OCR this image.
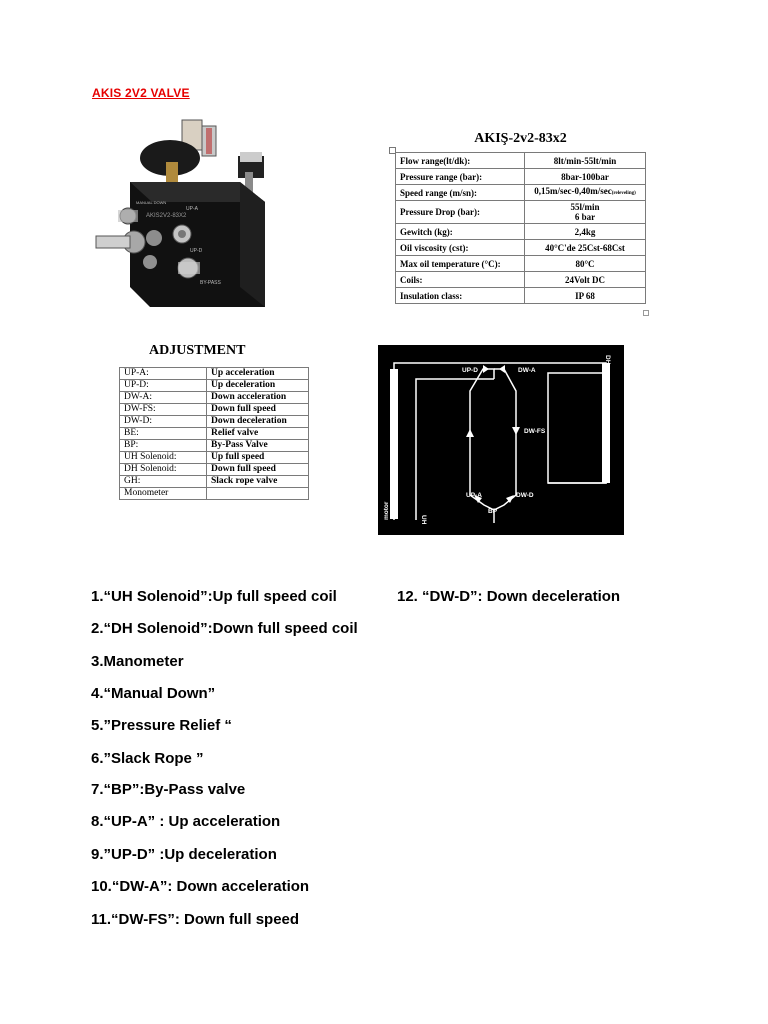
AKIS 2V2 VALVE
AKIS2V2-83X2
UP-A
UP-D
BY-PASS
MANUAL DOWN
AKIŞ-2v2-83x2
Flow range(lt/dk):	8lt/min-55lt/min
Pressure range (bar):	8bar-100bar
Speed range (m/sn):	0,15m/sec-0,40m/sec(releveling)
Pressure Drop (bar):	55l/min
6 bar

Gewitch (kg):	2,4kg
Oil viscosity (cst):	40°C'de 25Cst-68Cst
Max oil temperature (°C):	80°C
Coils:	24Volt DC
Insulation class:	IP 68
ADJUSTMENT
UP-A:	Up acceleration
UP-D:	Up deceleration
DW-A:	Down acceleration
DW-FS:	Down full speed
DW-D:	Down deceleration
BE:	Relief valve
BP:	By-Pass Valve
UH Solenoid:	Up full speed
DH Solenoid:	Down full speed
GH:	Slack rope valve
Monometer	
UP-D	DW-A
DW-FS
UP-A	DW-D
BP
DH
motor	UH
1.“UH Solenoid”:Up full speed coil
2.“DH Solenoid”:Down full speed coil
3.Manometer
4.“Manual Down”
5.”Pressure Relief “
6.”Slack Rope ”
7.“BP”:By-Pass valve
8.“UP-A” : Up acceleration
9.”UP-D” :Up deceleration
10.“DW-A”: Down acceleration
11.“DW-FS”: Down full speed
12. “DW-D”: Down deceleration
